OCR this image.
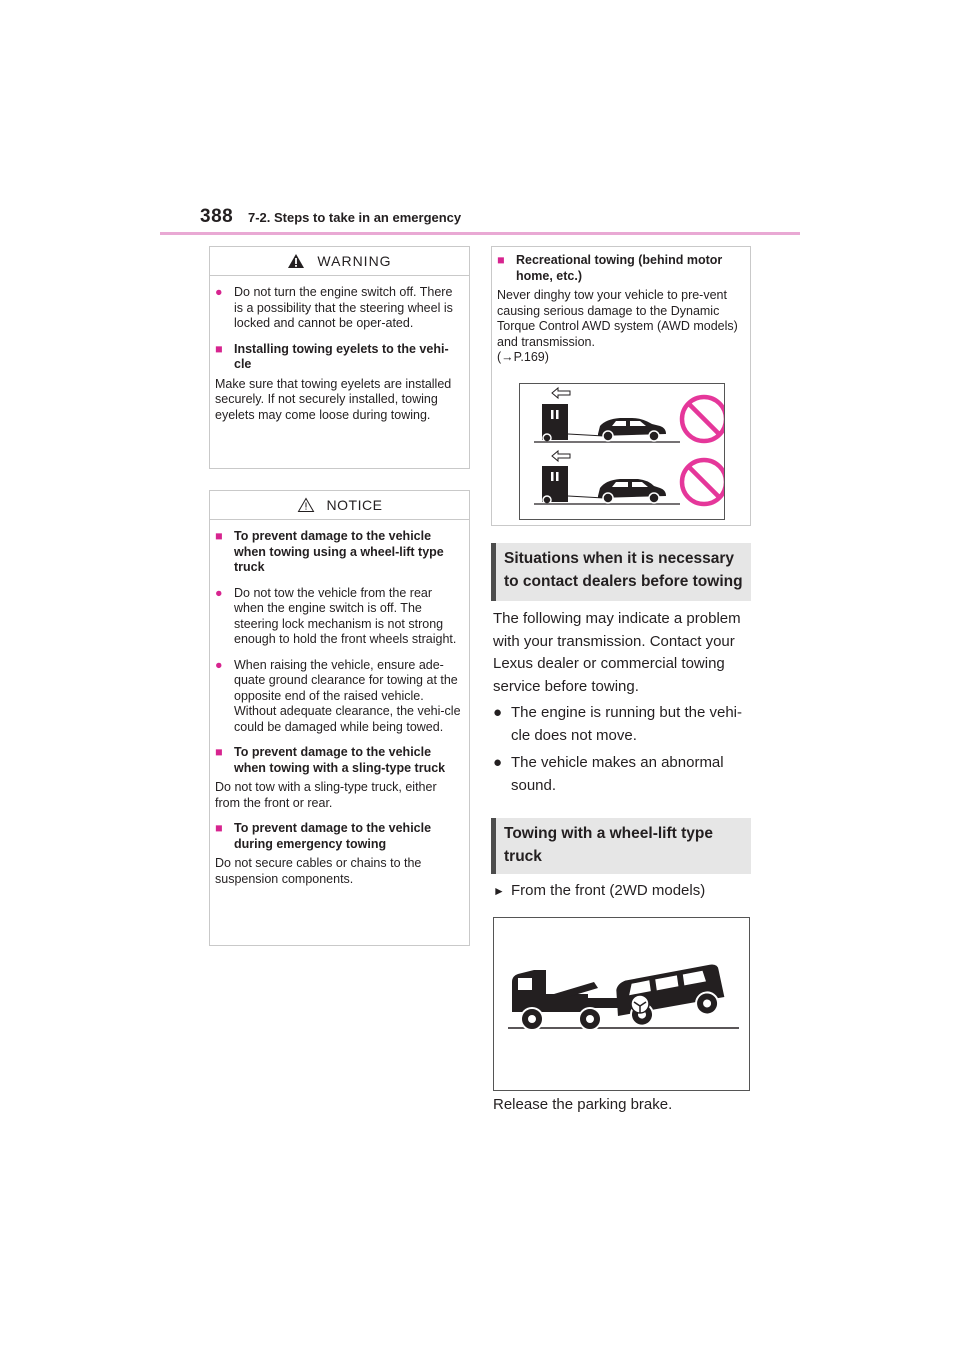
388 7-2. Steps to take in an emergency
WARNING
● Do not turn the engine switch off. There is a possibility that the steering wheel is locked and cannot be oper-ated.
■ Installing towing eyelets to the vehi-cle
Make sure that towing eyelets are installed securely. If not securely installed, towing eyelets may come loose during towing.
NOTICE
■ To prevent damage to the vehicle when towing using a wheel-lift type truck
● Do not tow the vehicle from the rear when the engine switch is off. The steering lock mechanism is not strong enough to hold the front wheels straight.
● When raising the vehicle, ensure ade-quate ground clearance for towing at the opposite end of the raised vehicle. Without adequate clearance, the vehi-cle could be damaged while being towed.
■ To prevent damage to the vehicle when towing with a sling-type truck
Do not tow with a sling-type truck, either from the front or rear.
■ To prevent damage to the vehicle during emergency towing
Do not secure cables or chains to the suspension components.
■ Recreational towing (behind motor home, etc.)
Never dinghy tow your vehicle to pre-vent causing serious damage to the Dynamic Torque Control AWD system (AWD models) and transmission.
(→P.169)
Situations when it is necessary to contact dealers before towing
The following may indicate a problem with your transmission. Contact your Lexus dealer or commercial towing service before towing.
● The engine is running but the vehi-cle does not move.
● The vehicle makes an abnormal sound.
Towing with a wheel-lift type truck
► From the front (2WD models)
Release the parking brake.
